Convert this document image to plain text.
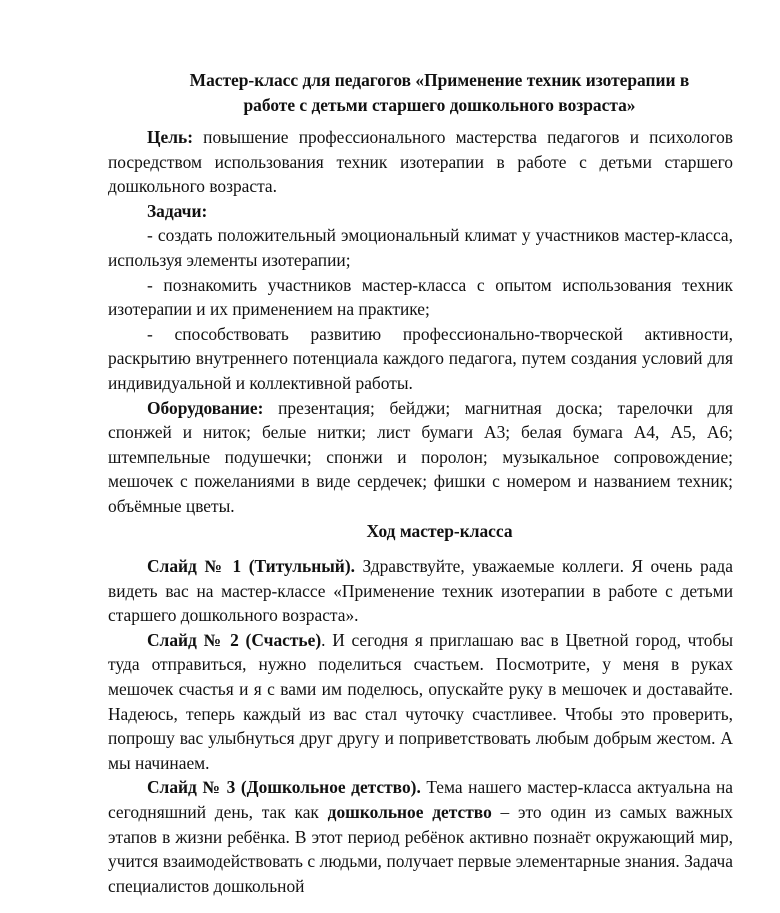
Мастер-класс для педагогов «Применение техник изотерапии в
работе с детьми старшего дошкольного возраста»

Цель: повышение профессионального мастерства педагогов и психологов посредством использования техник изотерапии в работе с детьми старшего дошкольного возраста.

Задачи:

- создать положительный эмоциональный климат у участников мастер-класса, используя элементы изотерапии;

- познакомить участников мастер-класса с опытом использования техник изотерапии и их применением на практике;

- способствовать развитию профессионально-творческой активности, раскрытию внутреннего потенциала каждого педагога, путем создания условий для индивидуальной и коллективной работы.

Оборудование: презентация; бейджи; магнитная доска; тарелочки для спонжей и ниток; белые нитки; лист бумаги А3; белая бумага А4, А5, А6; штемпельные подушечки; спонжи и поролон; музыкальное сопровождение; мешочек с пожеланиями в виде сердечек; фишки с номером и названием техник; объёмные цветы.

Ход мастер-класса

Слайд № 1 (Титульный). Здравствуйте, уважаемые коллеги. Я очень рада видеть вас на мастер-классе «Применение техник изотерапии в работе с детьми старшего дошкольного возраста».

Слайд № 2 (Счастье). И сегодня я приглашаю вас в Цветной город, чтобы туда отправиться, нужно поделиться счастьем. Посмотрите, у меня в руках мешочек счастья и я с вами им поделюсь, опускайте руку в мешочек и доставайте. Надеюсь, теперь каждый из вас стал чуточку счастливее. Чтобы это проверить, попрошу вас улыбнуться друг другу и поприветствовать любым добрым жестом. А мы начинаем.

Слайд № 3 (Дошкольное детство). Тема нашего мастер-класса актуальна на сегодняшний день, так как дошкольное детство – это один из самых важных этапов в жизни ребёнка. В этот период ребёнок активно познаёт окружающий мир, учится взаимодействовать с людьми, получает первые элементарные знания. Задача специалистов дошкольной
